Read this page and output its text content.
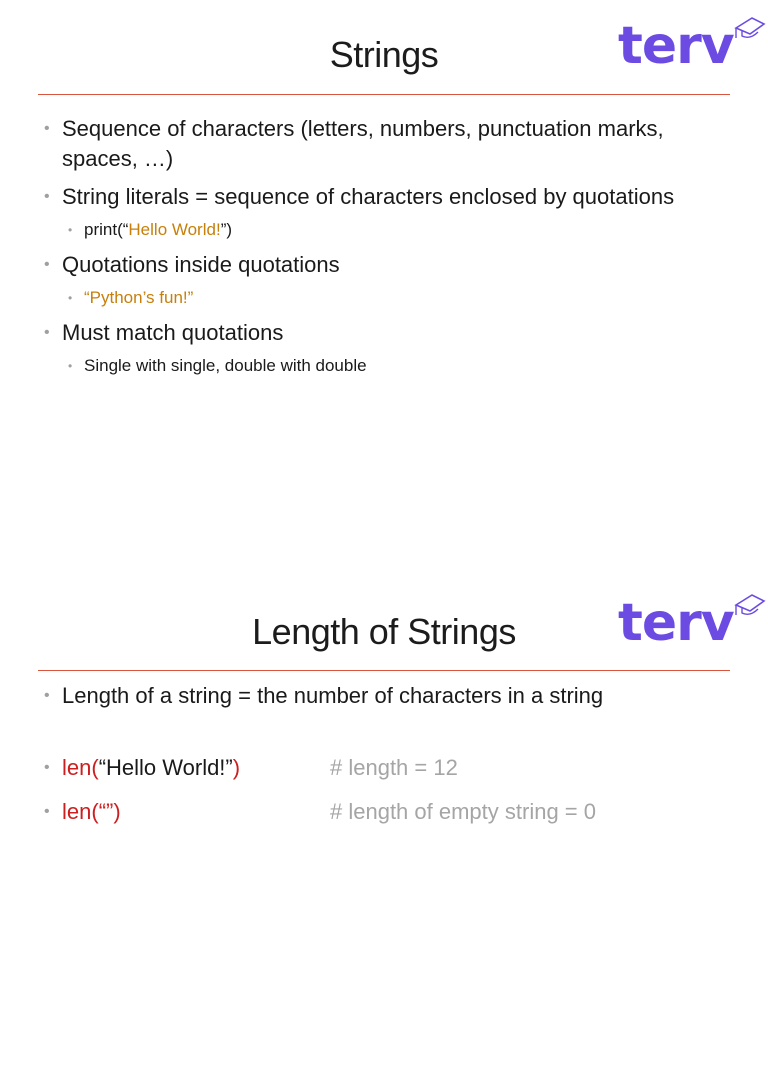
Strings	terv
• Sequence of characters (letters, numbers, punctuation marks, spaces, …)
• String literals = sequence of characters enclosed by quotations
• print(“Hello World!”)
• Quotations inside quotations
• “Python’s fun!”
• Must match quotations
• Single with single, double with double
Length of Strings	terv
• Length of a string = the number of characters in a string
• len(“Hello World!”)	# length = 12
• len(“”)	# length of empty string = 0
